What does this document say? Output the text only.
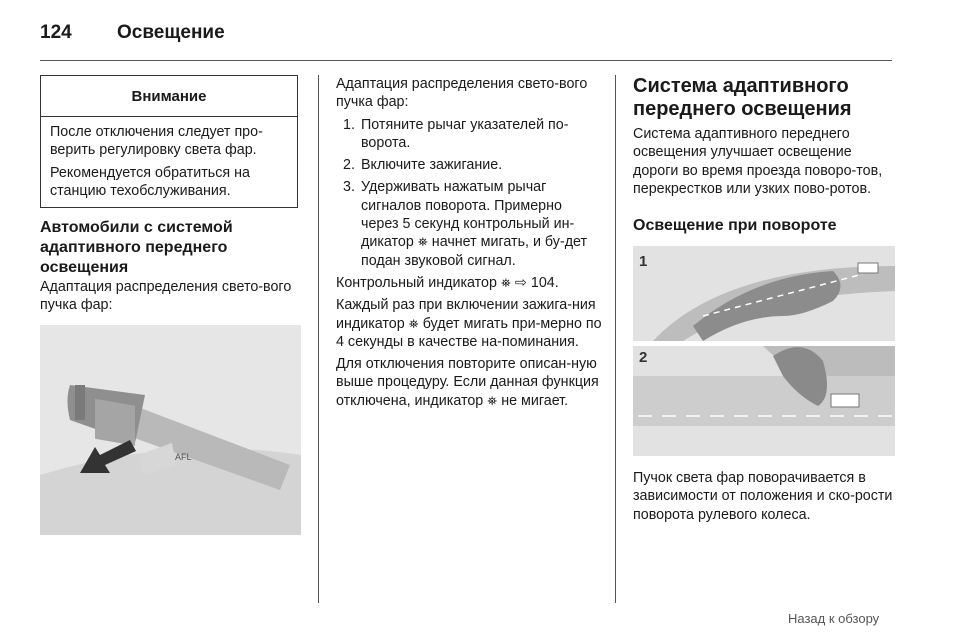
124 Освещение
Внимание

После отключения следует про-верить регулировку света фар.

Рекомендуется обратиться на станцию техобслуживания.

Автомобили с системой адаптивного переднего освещения

Адаптация распределения свето-вого пучка фар:

AFL

Адаптация распределения свето-вого пучка фар:

1. Потяните рычаг указателей по-ворота.
2. Включите зажигание.
3. Удерживать нажатым рычаг сигналов поворота. Примерно через 5 секунд контрольный ин-дикатор ⛯ начнет мигать, и бу-дет подан звуковой сигнал.

Контрольный индикатор ⛯ ⇨ 104.

Каждый раз при включении зажига-ния индикатор ⛯ будет мигать при-мерно по 4 секунды в качестве на-поминания.

Для отключения повторите описан-ную выше процедуру. Если данная функция отключена, индикатор ⛯ не мигает.

Система адаптивного переднего освещения

Система адаптивного переднего освещения улучшает освещение дороги во время проезда поворо-тов, перекрестков или узких пово-ротов.

Освещение при повороте
1
2

Пучок света фар поворачивается в зависимости от положения и ско-рости поворота рулевого колеса.

Назад к обзору
